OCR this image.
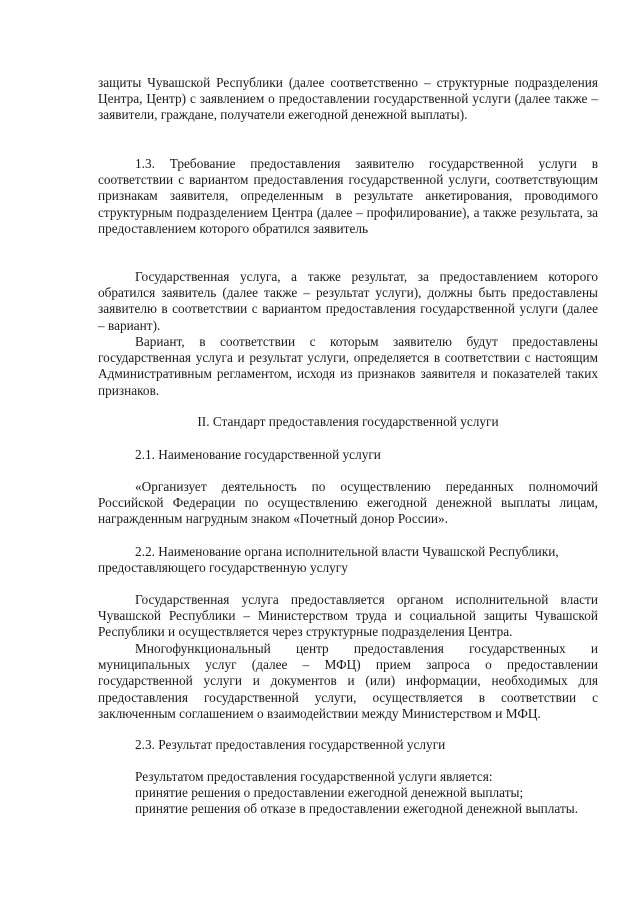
защиты Чувашской Республики (далее соответственно – структурные подразделения Центра, Центр) с заявлением о предоставлении государственной услуги (далее также – заявители, граждане, получатели ежегодной денежной выплаты).

1.3. Требование предоставления заявителю государственной услуги в соответствии с вариантом предоставления государственной услуги, соответствующим признакам заявителя, определенным в результате анкетирования, проводимого структурным подразделением Центра (далее – профилирование), а также результата, за предоставлением которого обратился заявитель

Государственная услуга, а также результат, за предоставлением которого обратился заявитель (далее также – результат услуги), должны быть предоставлены заявителю в соответствии с вариантом предоставления государственной услуги (далее – вариант).

Вариант, в соответствии с которым заявителю будут предоставлены государственная услуга и результат услуги, определяется в соответствии с настоящим Административным регламентом, исходя из признаков заявителя и показателей таких признаков.

II. Стандарт предоставления государственной услуги

2.1. Наименование государственной услуги

«Организует деятельность по осуществлению переданных полномочий Российской Федерации по осуществлению ежегодной денежной выплаты лицам, награжденным нагрудным знаком «Почетный донор России».

2.2. Наименование органа исполнительной власти Чувашской Республики, предоставляющего государственную услугу

Государственная услуга предоставляется органом исполнительной власти Чувашской Республики – Министерством труда и социальной защиты Чувашской Республики и осуществляется через структурные подразделения Центра.

Многофункциональный центр предоставления государственных и муниципальных услуг (далее – МФЦ) прием запроса о предоставлении государственной услуги и документов и (или) информации, необходимых для предоставления государственной услуги, осуществляется в соответствии с заключенным соглашением о взаимодействии между Министерством и МФЦ.

2.3. Результат предоставления государственной услуги

Результатом предоставления государственной услуги является:

принятие решения о предоставлении ежегодной денежной выплаты;

принятие решения об отказе в предоставлении ежегодной денежной выплаты.
